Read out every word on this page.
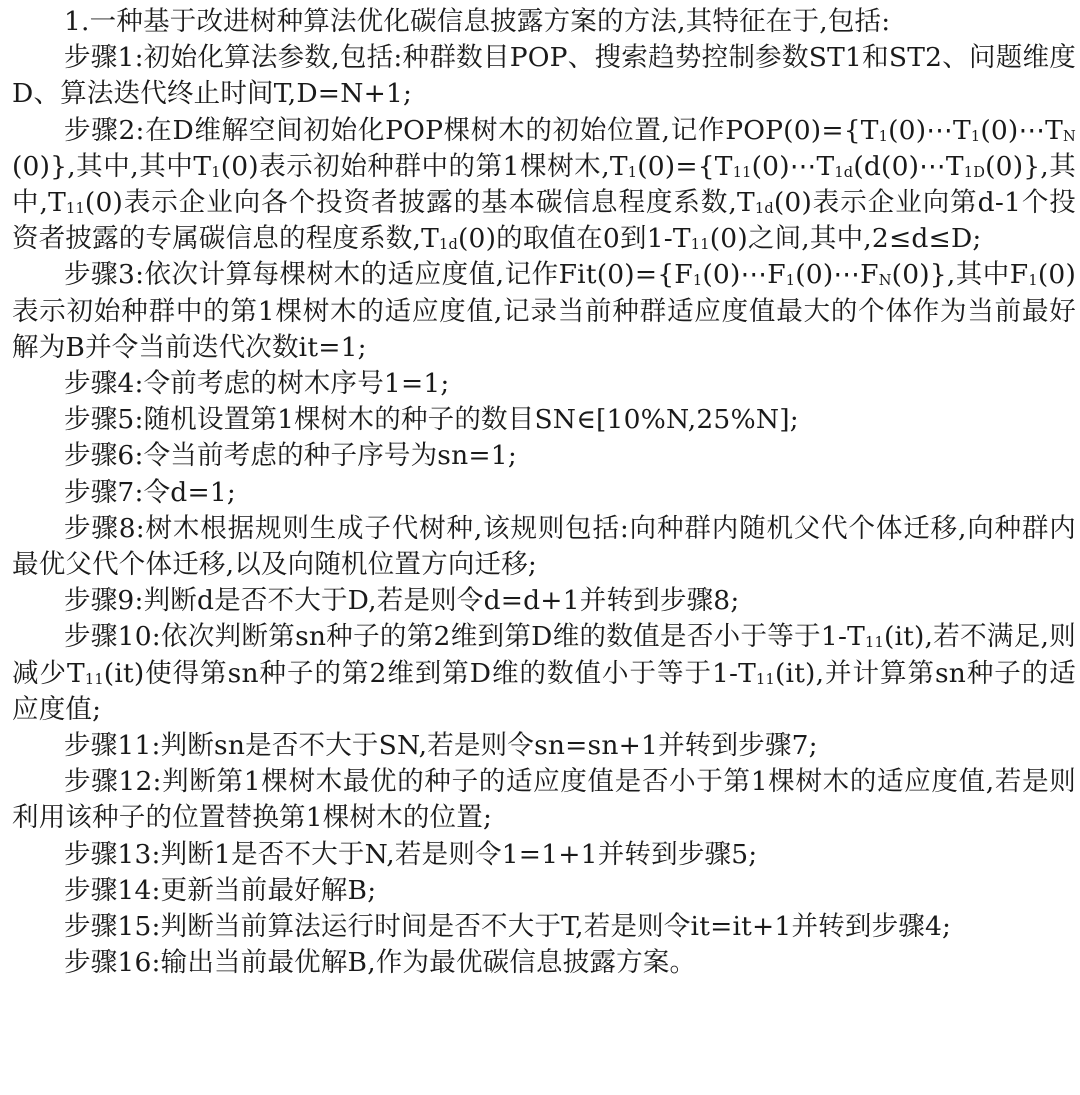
1.一种基于改进树种算法优化碳信息披露方案的方法,其特征在于,包括:

步骤1:初始化算法参数,包括:种群数目POP、搜索趋势控制参数ST1和ST2、问题维度D、算法迭代终止时间T,D=N+1;

步骤2:在D维解空间初始化POP棵树木的初始位置,记作$POP(0)=\{T_1(0)\cdots T_1(0)\cdots T_N(0)\}$,其中,其中$T_1(0)$表示初始种群中的第1棵树木$,T_1(0)=\{T_{11}(0)\cdots T_{1d}(d(0)\cdots T_{1D}(0)\}$,其中$,T_{11}(0)$表示企业向各个投资者披露的基本碳信息程度系数$,T_{1d}(0)$表示企业向第d-1个投资者披露的专属碳信息的程度系数$,T_{1d}(0)$的取值在0到$1-T_{11}(0)$之间,其中,2≤d≤D;

步骤3:依次计算每棵树木的适应度值,记作$Fit(0)=\{F_1(0)\cdots F_1(0)\cdots F_N(0)\}$,其中$F_1(0)$表示初始种群中的第1棵树木的适应度值,记录当前种群适应度值最大的个体作为当前最好解为B并令当前迭代次数it=1;

步骤4:令前考虑的树木序号1=1;

步骤5:随机设置第1棵树木的种子的数目SN∈[10%N,25%N];

步骤6:令当前考虑的种子序号为sn=1;

步骤7:令d=1;

步骤8:树木根据规则生成子代树种,该规则包括:向种群内随机父代个体迁移,向种群内最优父代个体迁移,以及向随机位置方向迁移;

步骤9:判断d是否不大于D,若是则令d=d+1并转到步骤8;

步骤10:依次判断第sn种子的第2维到第D维的数值是否小于等于$1-T_{11}(it)$,若不满足,则减少$T_{11}(it)$使得第sn种子的第2维到第D维的数值小于等于$1-T_{11}(it)$,并计算第sn种子的适应度值;

步骤11:判断sn是否不大于SN,若是则令sn=sn+1并转到步骤7;

步骤12:判断第1棵树木最优的种子的适应度值是否小于第1棵树木的适应度值,若是则利用该种子的位置替换第1棵树木的位置;

步骤13:判断1是否不大于N,若是则令1=1+1并转到步骤5;

步骤14:更新当前最好解B;

步骤15:判断当前算法运行时间是否不大于T,若是则令it=it+1并转到步骤4;

步骤16:输出当前最优解B,作为最优碳信息披露方案。
